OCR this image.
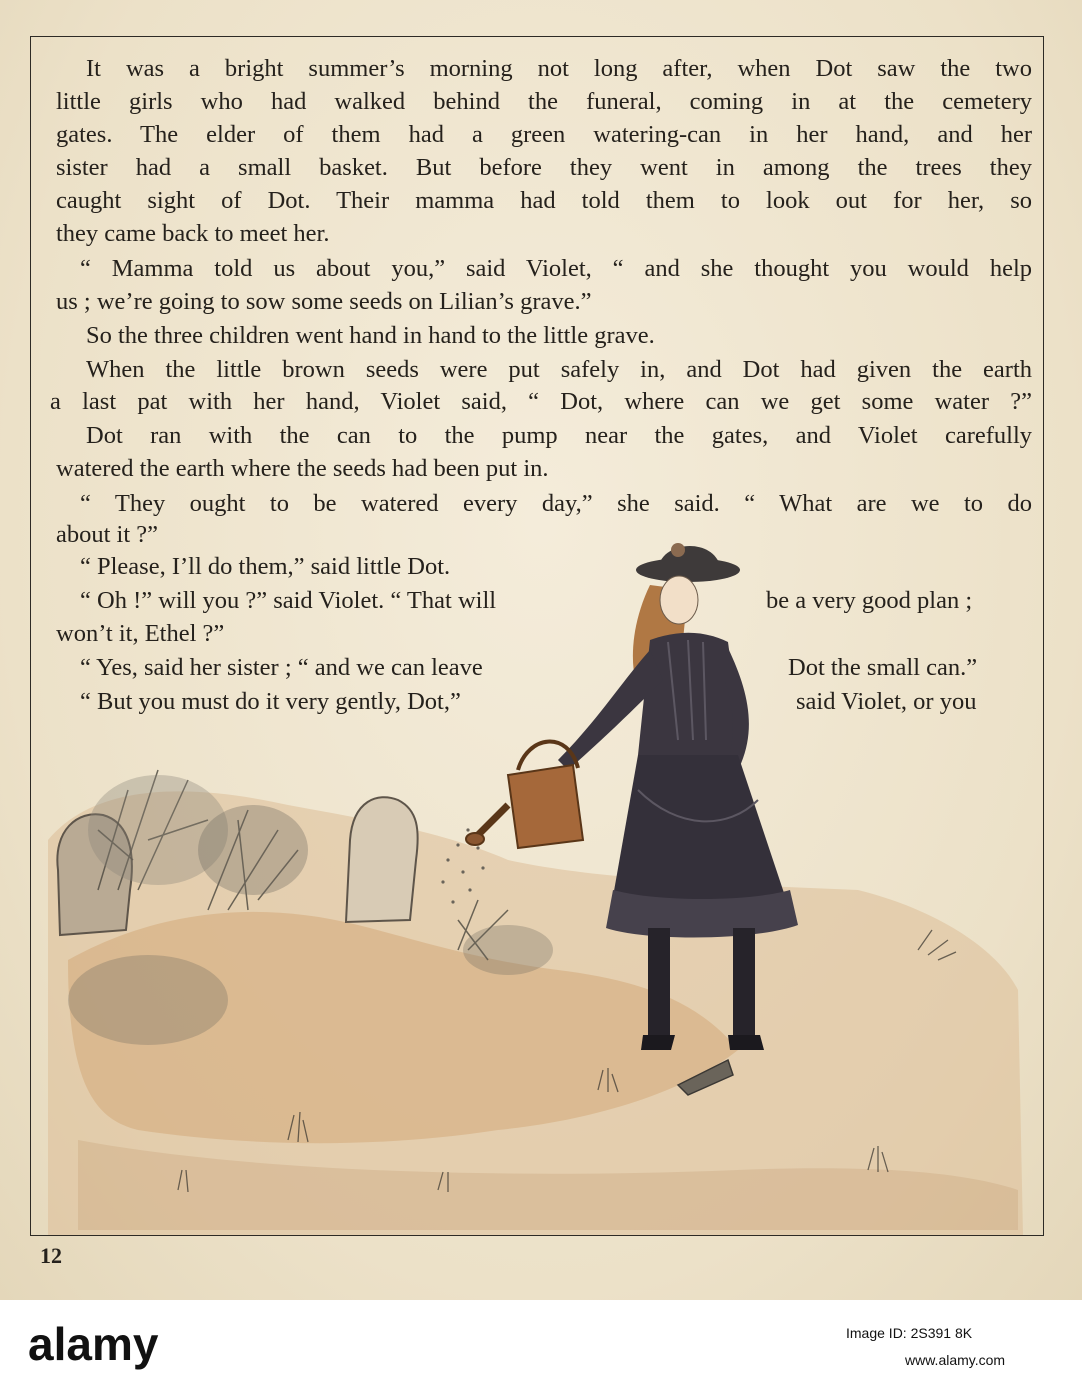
It was a bright summer’s morning not long after, when Dot saw the two

little girls who had walked behind the funeral, coming in at the cemetery

gates. The elder of them had a green watering-can in her hand, and her

sister had a small basket. But before they went in among the trees they

caught sight of Dot. Their mamma had told them to look out for her, so

they came back to meet her.

“ Mamma told us about you,” said Violet, “ and she thought you would help

us ; we’re going to sow some seeds on Lilian’s grave.”

So the three children went hand in hand to the little grave.

When the little brown seeds were put safely in, and Dot had given the earth

a last pat with her hand, Violet said, “ Dot, where can we get some water ?”

Dot ran with the can to the pump near the gates, and Violet carefully

watered the earth where the seeds had been put in.

“ They ought to be watered every day,” she said. “ What are we to do

about it ?”

“ Please, I’ll do them,” said little Dot.

“ Oh !” will you ?” said Violet. “ That will	be a very good plan ;

won’t it, Ethel ?”

“ Yes, said her sister ; “ and we can leave	Dot the small can.”

“ But you must do it very gently, Dot,”	said Violet, or you

12

alamy	Image ID: 2S391 8K

www.alamy.com
